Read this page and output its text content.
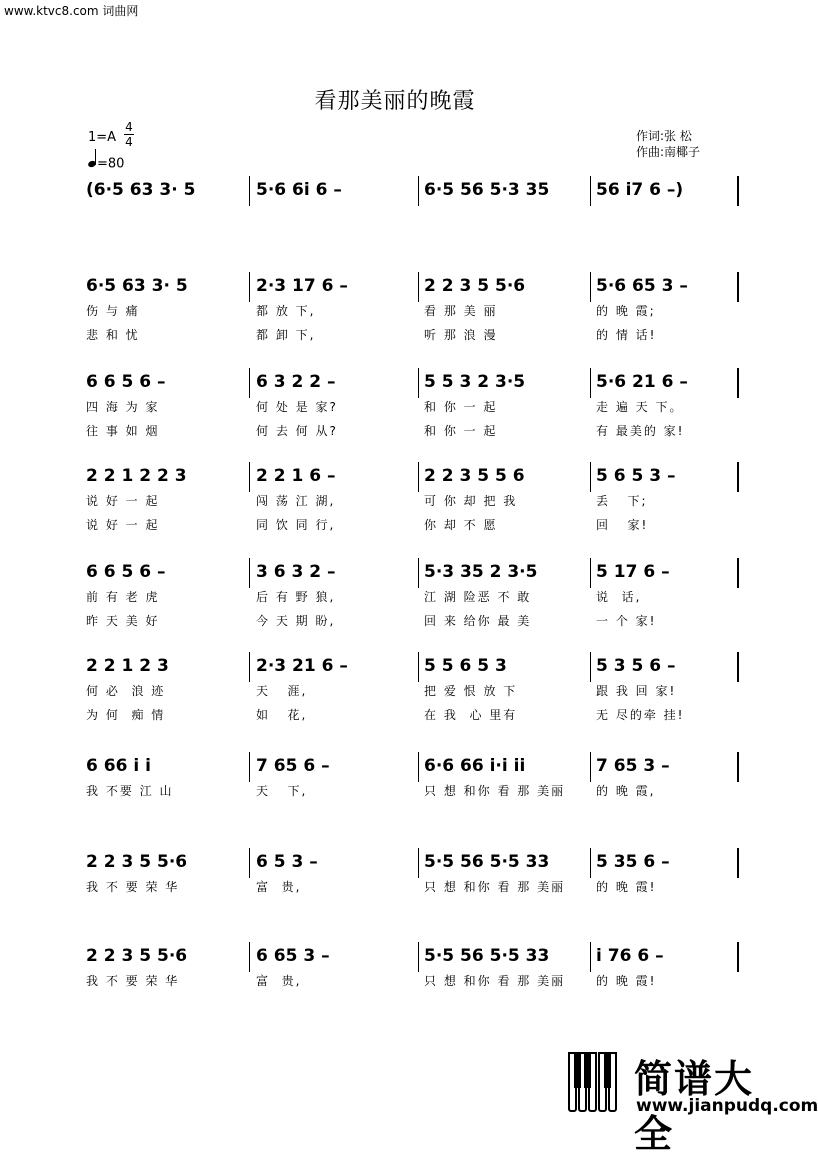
www.ktvc8.com 词曲网
看那美丽的晚霞
1=A
4
4
=80
作词:张 松
作曲:南椰子
(6·5 63 3· 5	5·6 6i 6 –	6·5 56 5·3 35	56 i7 6 –)
6·5 63 3· 5	2·3 17 6 –	2 2 3 5 5·6	5·6 65 3 –
伤 与 痛	都 放 下,	看 那 美 丽	的 晚 霞;
悲 和 忧	都 卸 下,	听 那 浪 漫	的 情 话!
6 6 5 6 –	6 3 2 2 –	5 5 3 2 3·5	5·6 21 6 –
四 海 为 家	何 处 是 家?	和 你 一 起	走 遍 天 下。
往 事 如 烟	何 去 何 从?	和 你 一 起	有 最美的 家!
2 2 1 2 2 3	2 2 1 6 –	2 2 3 5 5 6	5 6 5 3 –
说 好 一 起	闯 荡 江 湖,	可 你 却 把 我	丢   下;
说 好 一 起	同 饮 同 行,	你 却 不 愿	回   家!
6 6 5 6 –	3 6 3 2 –	5·3 35 2 3·5	5 17 6 –
前 有 老 虎	后 有 野 狼,	江 湖 险恶 不 敢	说  话,
昨 天 美 好	今 天 期 盼,	回 来 给你 最 美	一 个 家!
2 2 1 2 3	2·3 21 6 –	5 5 6 5 3	5 3 5 6 –
何 必  浪 迹	天   涯,	把 爱 恨 放 下	跟 我 回 家!
为 何  痴 情	如   花,	在 我  心 里有	无 尽的牵 挂!
6 66 i i	7 65 6 –	6·6 66 i·i ii	7 65 3 –
我 不要 江 山	天   下,	只 想 和你 看 那 美丽	的 晚 霞,
2 2 3 5 5·6	6 5 3 –	5·5 56 5·5 33	5 35 6 –
我 不 要 荣 华	富  贵,	只 想 和你 看 那 美丽	的 晚 霞!
2 2 3 5 5·6	6 65 3 –	5·5 56 5·5 33	i 76 6 –
我 不 要 荣 华	富  贵,	只 想 和你 看 那 美丽	的 晚 霞!
简谱大全
www.jianpudq.com
